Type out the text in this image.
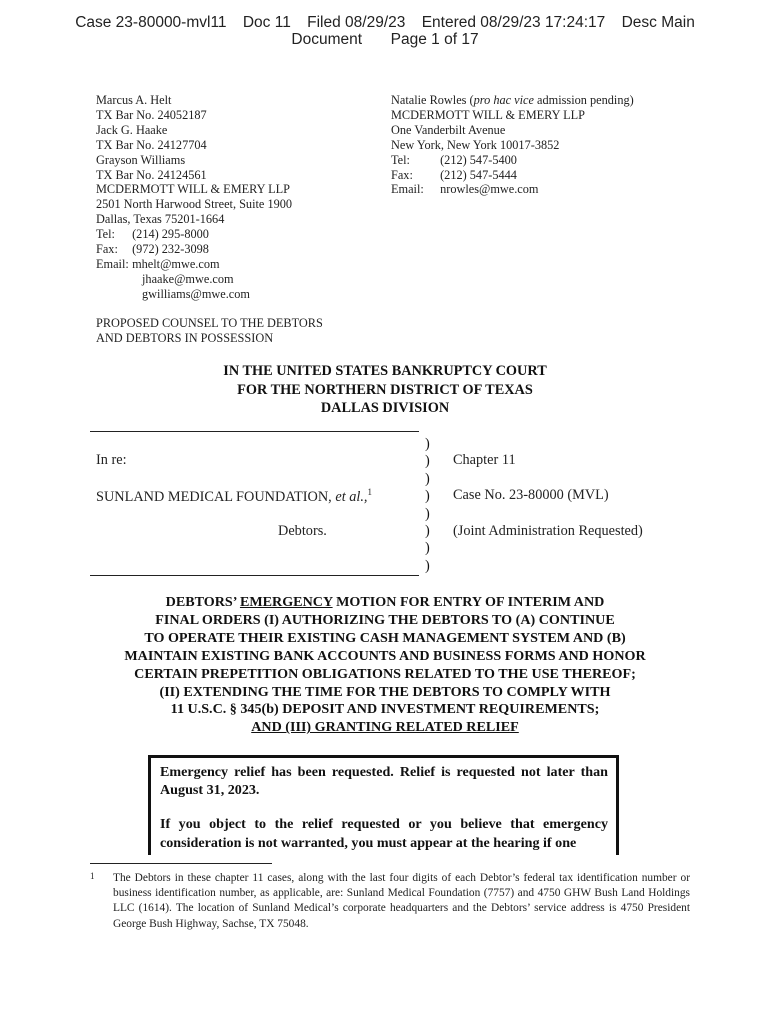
Case 23-80000-mvl11 Doc 11 Filed 08/29/23 Entered 08/29/23 17:24:17 Desc Main
Document Page 1 of 17
Marcus A. Helt
TX Bar No. 24052187
Jack G. Haake
TX Bar No. 24127704
Grayson Williams
TX Bar No. 24124561
MCDERMOTT WILL & EMERY LLP
2501 North Harwood Street, Suite 1900
Dallas, Texas 75201-1664
Tel: (214) 295-8000
Fax: (972) 232-3098
Email: mhelt@mwe.com
jhaake@mwe.com
gwilliams@mwe.com
PROPOSED COUNSEL TO THE DEBTORS
AND DEBTORS IN POSSESSION
Natalie Rowles (pro hac vice admission pending)
MCDERMOTT WILL & EMERY LLP
One Vanderbilt Avenue
New York, New York 10017-3852
Tel: (212) 547-5400
Fax: (212) 547-5444
Email: nrowles@mwe.com
IN THE UNITED STATES BANKRUPTCY COURT
FOR THE NORTHERN DISTRICT OF TEXAS
DALLAS DIVISION
In re:
SUNLAND MEDICAL FOUNDATION, et al.,$^1$
Debtors.
)
)
)
)
)
)
)
)
Chapter 11
Case No. 23-80000 (MVL)
(Joint Administration Requested)
DEBTORS’ EMERGENCY MOTION FOR ENTRY OF INTERIM AND
FINAL ORDERS (I) AUTHORIZING THE DEBTORS TO (A) CONTINUE
TO OPERATE THEIR EXISTING CASH MANAGEMENT SYSTEM AND (B)
MAINTAIN EXISTING BANK ACCOUNTS AND BUSINESS FORMS AND HONOR
CERTAIN PREPETITION OBLIGATIONS RELATED TO THE USE THEREOF;
(II) EXTENDING THE TIME FOR THE DEBTORS TO COMPLY WITH
11 U.S.C. § 345(b) DEPOSIT AND INVESTMENT REQUIREMENTS;
AND (III) GRANTING RELATED RELIEF

Emergency relief has been requested. Relief is requested not later than August 31, 2023.

If you object to the relief requested or you believe that emergency consideration is not warranted, you must appear at the hearing if one

1 The Debtors in these chapter 11 cases, along with the last four digits of each Debtor’s federal tax identification number or business identification number, as applicable, are: Sunland Medical Foundation (7757) and 4750 GHW Bush Land Holdings LLC (1614). The location of Sunland Medical’s corporate headquarters and the Debtors’ service address is 4750 President George Bush Highway, Sachse, TX 75048.
